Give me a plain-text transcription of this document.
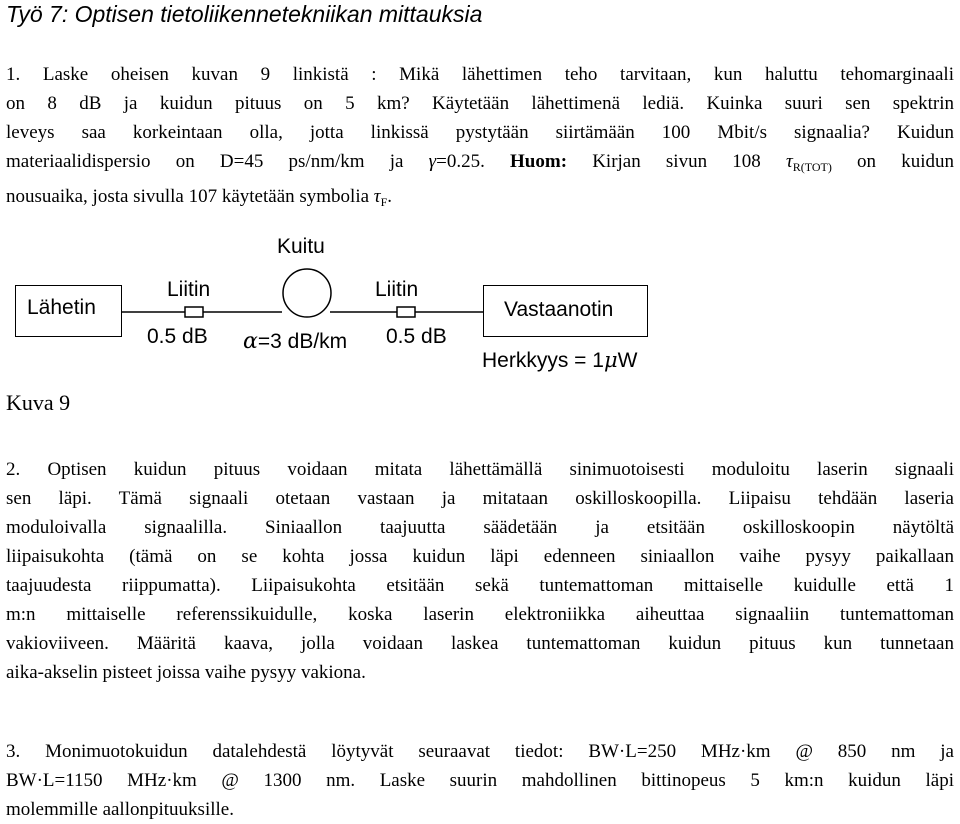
Työ 7: Optisen tietoliikennetekniikan mittauksia
1. Laske oheisen kuvan 9 linkistä : Mikä lähettimen teho tarvitaan, kun haluttu tehomarginaali
on 8 dB ja kuidun pituus on 5 km? Käytetään lähettimenä lediä. Kuinka suuri sen spektrin
leveys saa korkeintaan olla, jotta linkissä pystytään siirtämään 100 Mbit/s signaalia? Kuidun
materiaalidispersio on D=45 ps/nm/km ja γ=0.25. Huom: Kirjan sivun 108 $\tau_{R(TOT)}$ on kuidun
nousuaika, josta sivulla 107 käytetään symbolia $\tau_F$.
Kuitu
Lähetin
Liitin
0.5 dB α=3 dB/km
Liitin
0.5 dB
Vastaanotin
Herkkyys = 1μW
Kuva 9
2. Optisen kuidun pituus voidaan mitata lähettämällä sinimuotoisesti moduloitu laserin signaali
sen läpi. Tämä signaali otetaan vastaan ja mitataan oskilloskoopilla. Liipaisu tehdään laseria
moduloivalla signaalilla. Siniaallon taajuutta säädetään ja etsitään oskilloskoopin näytöltä
liipaisukohta (tämä on se kohta jossa kuidun läpi edenneen siniaallon vaihe pysyy paikallaan
taajuudesta riippumatta). Liipaisukohta etsitään sekä tuntemattoman mittaiselle kuidulle että 1
m:n mittaiselle referenssikuidulle, koska laserin elektroniikka aiheuttaa signaaliin tuntemattoman
vakioviiveen. Määritä kaava, jolla voidaan laskea tuntemattoman kuidun pituus kun tunnetaan
aika-akselin pisteet joissa vaihe pysyy vakiona.
3. Monimuotokuidun datalehdestä löytyvät seuraavat tiedot: BW·L=250 MHz·km @ 850 nm ja
BW·L=1150 MHz·km @ 1300 nm. Laske suurin mahdollinen bittinopeus 5 km:n kuidun läpi
molemmille aallonpituuksille.
